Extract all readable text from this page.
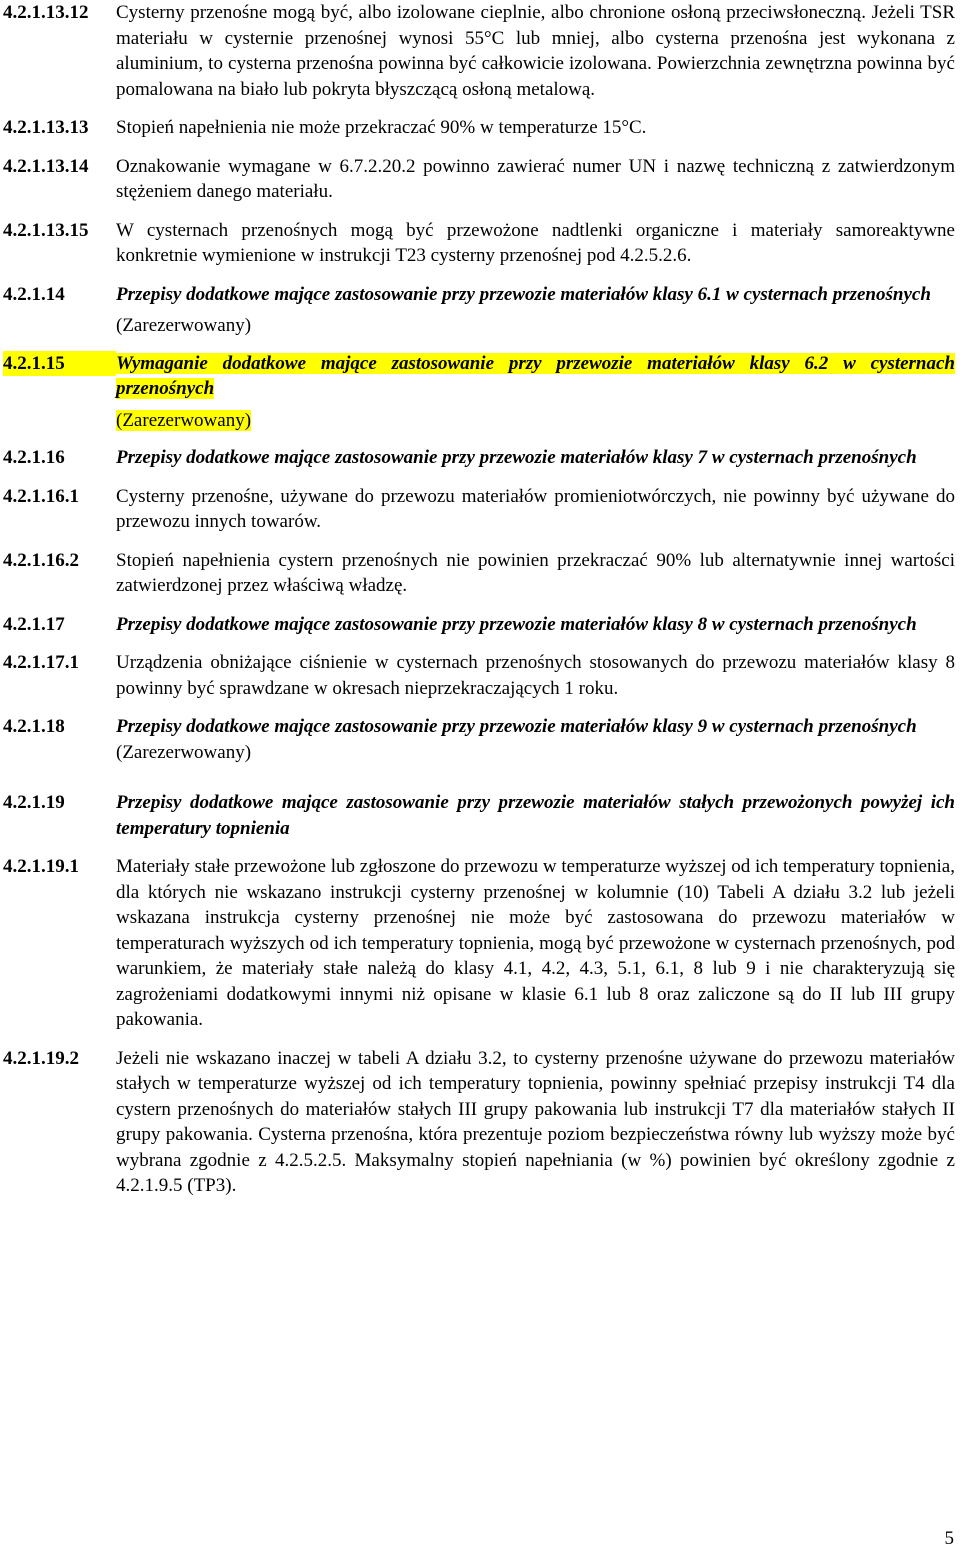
4.2.1.13.12	Cysterny przenośne mogą być, albo izolowane cieplnie, albo chronione osłoną przeciwsłoneczną. Jeżeli TSR materiału w cysternie przenośnej wynosi 55°C lub mniej, albo cysterna przenośna jest wykonana z aluminium, to cysterna przenośna powinna być całkowicie izolowana. Powierzchnia zewnętrzna powinna być pomalowana na biało lub pokryta błyszczącą osłoną metalową.
4.2.1.13.13	Stopień napełnienia nie może przekraczać 90% w temperaturze 15°C.
4.2.1.13.14	Oznakowanie wymagane w 6.7.2.20.2 powinno zawierać numer UN i nazwę techniczną z zatwierdzonym stężeniem danego materiału.
4.2.1.13.15	W cysternach przenośnych mogą być przewożone nadtlenki organiczne i materiały samoreaktywne konkretnie wymienione w instrukcji T23 cysterny przenośnej pod 4.2.5.2.6.
4.2.1.14	Przepisy dodatkowe mające zastosowanie przy przewozie materiałów klasy 6.1 w cysternach przenośnych
(Zarezerwowany)
4.2.1.15	Wymaganie dodatkowe mające zastosowanie przy przewozie materiałów klasy 6.2 w cysternach przenośnych
(Zarezerwowany)
4.2.1.16	Przepisy dodatkowe mające zastosowanie przy przewozie materiałów klasy 7 w cysternach przenośnych
4.2.1.16.1	Cysterny przenośne, używane do przewozu materiałów promieniotwórczych, nie powinny być używane do przewozu innych towarów.
4.2.1.16.2	Stopień napełnienia cystern przenośnych nie powinien przekraczać 90% lub alternatywnie innej wartości zatwierdzonej przez właściwą władzę.
4.2.1.17	Przepisy dodatkowe mające zastosowanie przy przewozie materiałów klasy 8 w cysternach przenośnych
4.2.1.17.1	Urządzenia obniżające ciśnienie w cysternach przenośnych stosowanych do przewozu materiałów klasy 8 powinny być sprawdzane w okresach nieprzekraczających 1 roku.
4.2.1.18	Przepisy dodatkowe mające zastosowanie przy przewozie materiałów klasy 9 w cysternach przenośnych
(Zarezerwowany)
4.2.1.19	Przepisy dodatkowe mające zastosowanie przy przewozie materiałów stałych przewożonych powyżej ich temperatury topnienia
4.2.1.19.1	Materiały stałe przewożone lub zgłoszone do przewozu w temperaturze wyższej od ich temperatury topnienia, dla których nie wskazano instrukcji cysterny przenośnej w kolumnie (10) Tabeli A działu 3.2 lub jeżeli wskazana instrukcja cysterny przenośnej nie może być zastosowana do przewozu materiałów w temperaturach wyższych od ich temperatury topnienia, mogą być przewożone w cysternach przenośnych, pod warunkiem, że materiały stałe należą do klasy 4.1, 4.2, 4.3, 5.1, 6.1, 8 lub 9 i nie charakteryzują się zagrożeniami dodatkowymi innymi niż opisane w klasie 6.1 lub 8 oraz zaliczone są do II lub III grupy pakowania.
4.2.1.19.2	Jeżeli nie wskazano inaczej w tabeli A działu 3.2, to cysterny przenośne używane do przewozu materiałów stałych w temperaturze wyższej od ich temperatury topnienia, powinny spełniać przepisy instrukcji T4 dla cystern przenośnych do materiałów stałych III grupy pakowania lub instrukcji T7 dla materiałów stałych II grupy pakowania. Cysterna przenośna, która prezentuje poziom bezpieczeństwa równy lub wyższy może być wybrana zgodnie z 4.2.5.2.5. Maksymalny stopień napełniania (w %) powinien być określony zgodnie z 4.2.1.9.5 (TP3).
5
